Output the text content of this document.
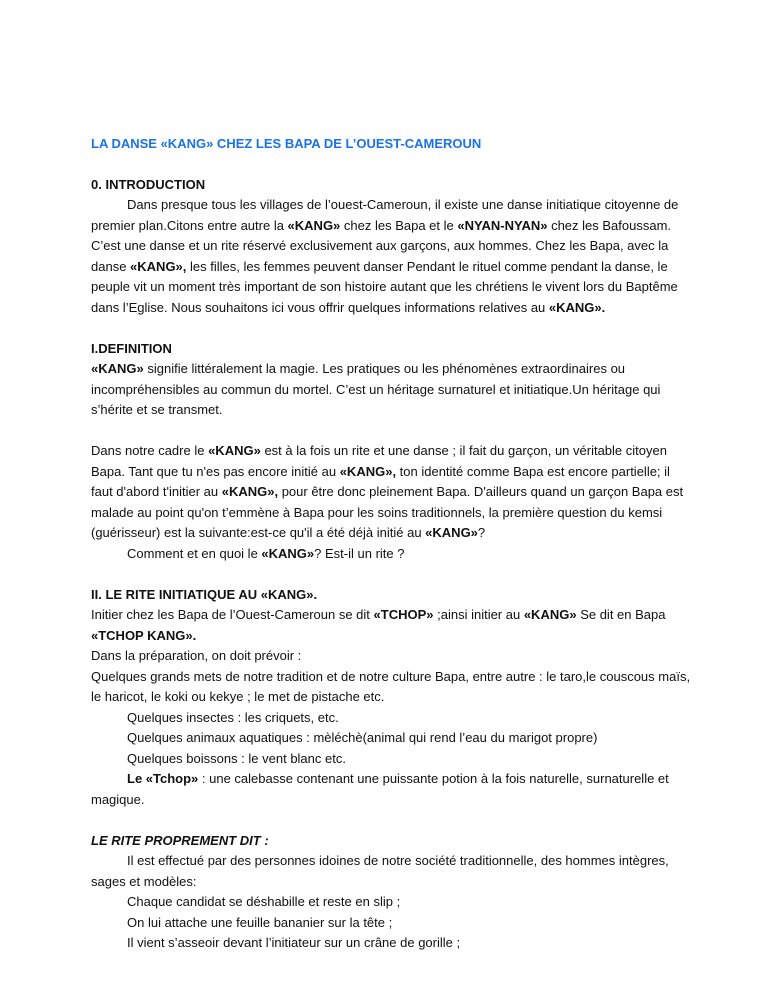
LA DANSE «KANG» CHEZ LES BAPA DE L’OUEST-CAMEROUN

0. INTRODUCTION

Dans presque tous les villages de l’ouest-Cameroun, il existe une danse initiatique citoyenne de premier plan.Citons entre autre la «KANG» chez les Bapa et le «NYAN-NYAN» chez les Bafoussam. C’est une danse et un rite réservé exclusivement aux garçons, aux hommes. Chez les Bapa, avec la danse «KANG», les filles, les femmes peuvent danser Pendant le rituel comme pendant la danse, le peuple vit un moment très important de son histoire autant que les chrétiens le vivent lors du Baptême dans l’Eglise. Nous souhaitons ici vous offrir quelques informations relatives au «KANG».

I.DEFINITION

«KANG» signifie littéralement la magie. Les pratiques ou les phénomènes extraordinaires ou incompréhensibles au commun du mortel. C’est un héritage surnaturel et initiatique.Un héritage qui s’hérite et se transmet.

Dans notre cadre le «KANG» est à la fois un rite et une danse ; il fait du garçon, un véritable citoyen Bapa. Tant que tu n'es pas encore initié au «KANG», ton identité comme Bapa est encore partielle; il faut d'abord t'initier au «KANG», pour être donc pleinement Bapa. D'ailleurs quand un garçon Bapa est malade au point qu'on t’emmène à Bapa pour les soins traditionnels, la première question du kemsi (guérisseur) est la suivante:est-ce qu'il a été déjà initié au «KANG»?

Comment et en quoi le «KANG»? Est-il un rite ?

II. LE RITE INITIATIQUE AU «KANG».

Initier chez les Bapa de l’Ouest-Cameroun se dit «TCHOP» ;ainsi initier au «KANG» Se dit en Bapa «TCHOP KANG».

Dans la préparation, on doit prévoir :

Quelques grands mets de notre tradition et de notre culture Bapa, entre autre : le taro,le couscous maïs, le haricot, le koki ou kekye ; le met de pistache etc.

Quelques insectes : les criquets, etc.

Quelques animaux aquatiques : mèléchè(animal qui rend l’eau du marigot propre)

Quelques boissons : le vent blanc etc.

Le «Tchop» : une calebasse contenant une puissante potion à la fois naturelle, surnaturelle et magique.

LE RITE PROPREMENT DIT :

Il est effectué par des personnes idoines de notre société traditionnelle, des hommes intègres, sages et modèles:

Chaque candidat se déshabille et reste en slip ;

On lui attache une feuille bananier sur la tête ;

Il vient s’asseoir devant l’initiateur sur un crâne de gorille ;
